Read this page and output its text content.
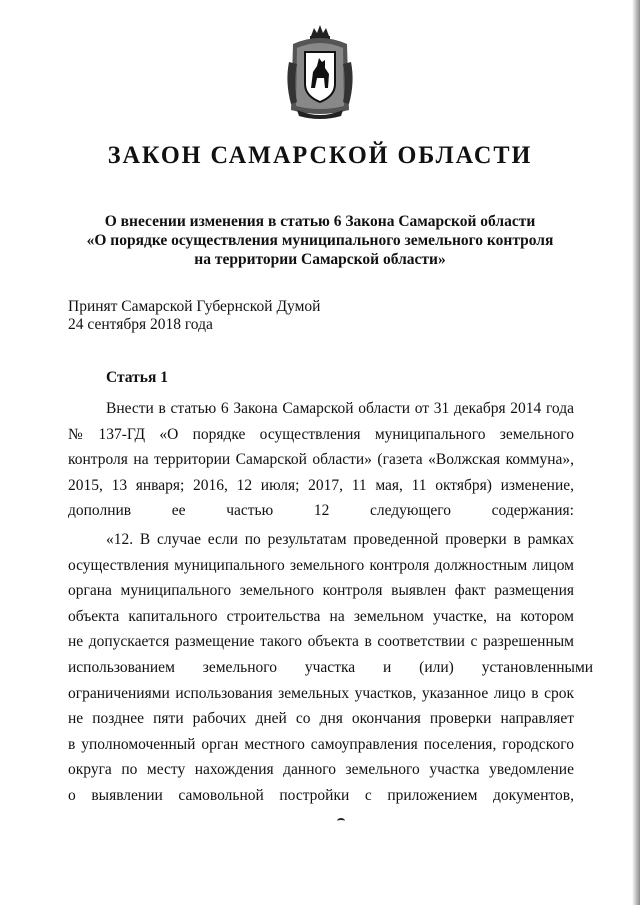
ЗАКОН САМАРСКОЙ ОБЛАСТИ
О внесении изменения в статью 6 Закона Самарской области
«О порядке осуществления муниципального земельного контроля
на территории Самарской области»
Принят Самарской Губернской Думой
24 сентября 2018 года
Статья 1
Внести в статью 6 Закона Самарской области от 31 декабря 2014 года
№ 137-ГД «О порядке осуществления муниципального земельного
контроля на территории Самарской области» (газета «Волжская коммуна»,
2015, 13 января; 2016, 12 июля; 2017, 11 мая, 11 октября) изменение,
дополнив ее частью 12 следующего содержания:
«12. В случае если по результатам проведенной проверки в рамках
осуществления муниципального земельного контроля должностным лицом
органа муниципального земельного контроля выявлен факт размещения
объекта капитального строительства на земельном участке, на котором
не допускается размещение такого объекта в соответствии с разрешенным
использованием земельного участка и (или) установленными
ограничениями использования земельных участков, указанное лицо в срок
не позднее пяти рабочих дней со дня окончания проверки направляет
в уполномоченный орган местного самоуправления поселения, городского
округа по месту нахождения данного земельного участка уведомление
о выявлении самовольной постройки с приложением документов,
